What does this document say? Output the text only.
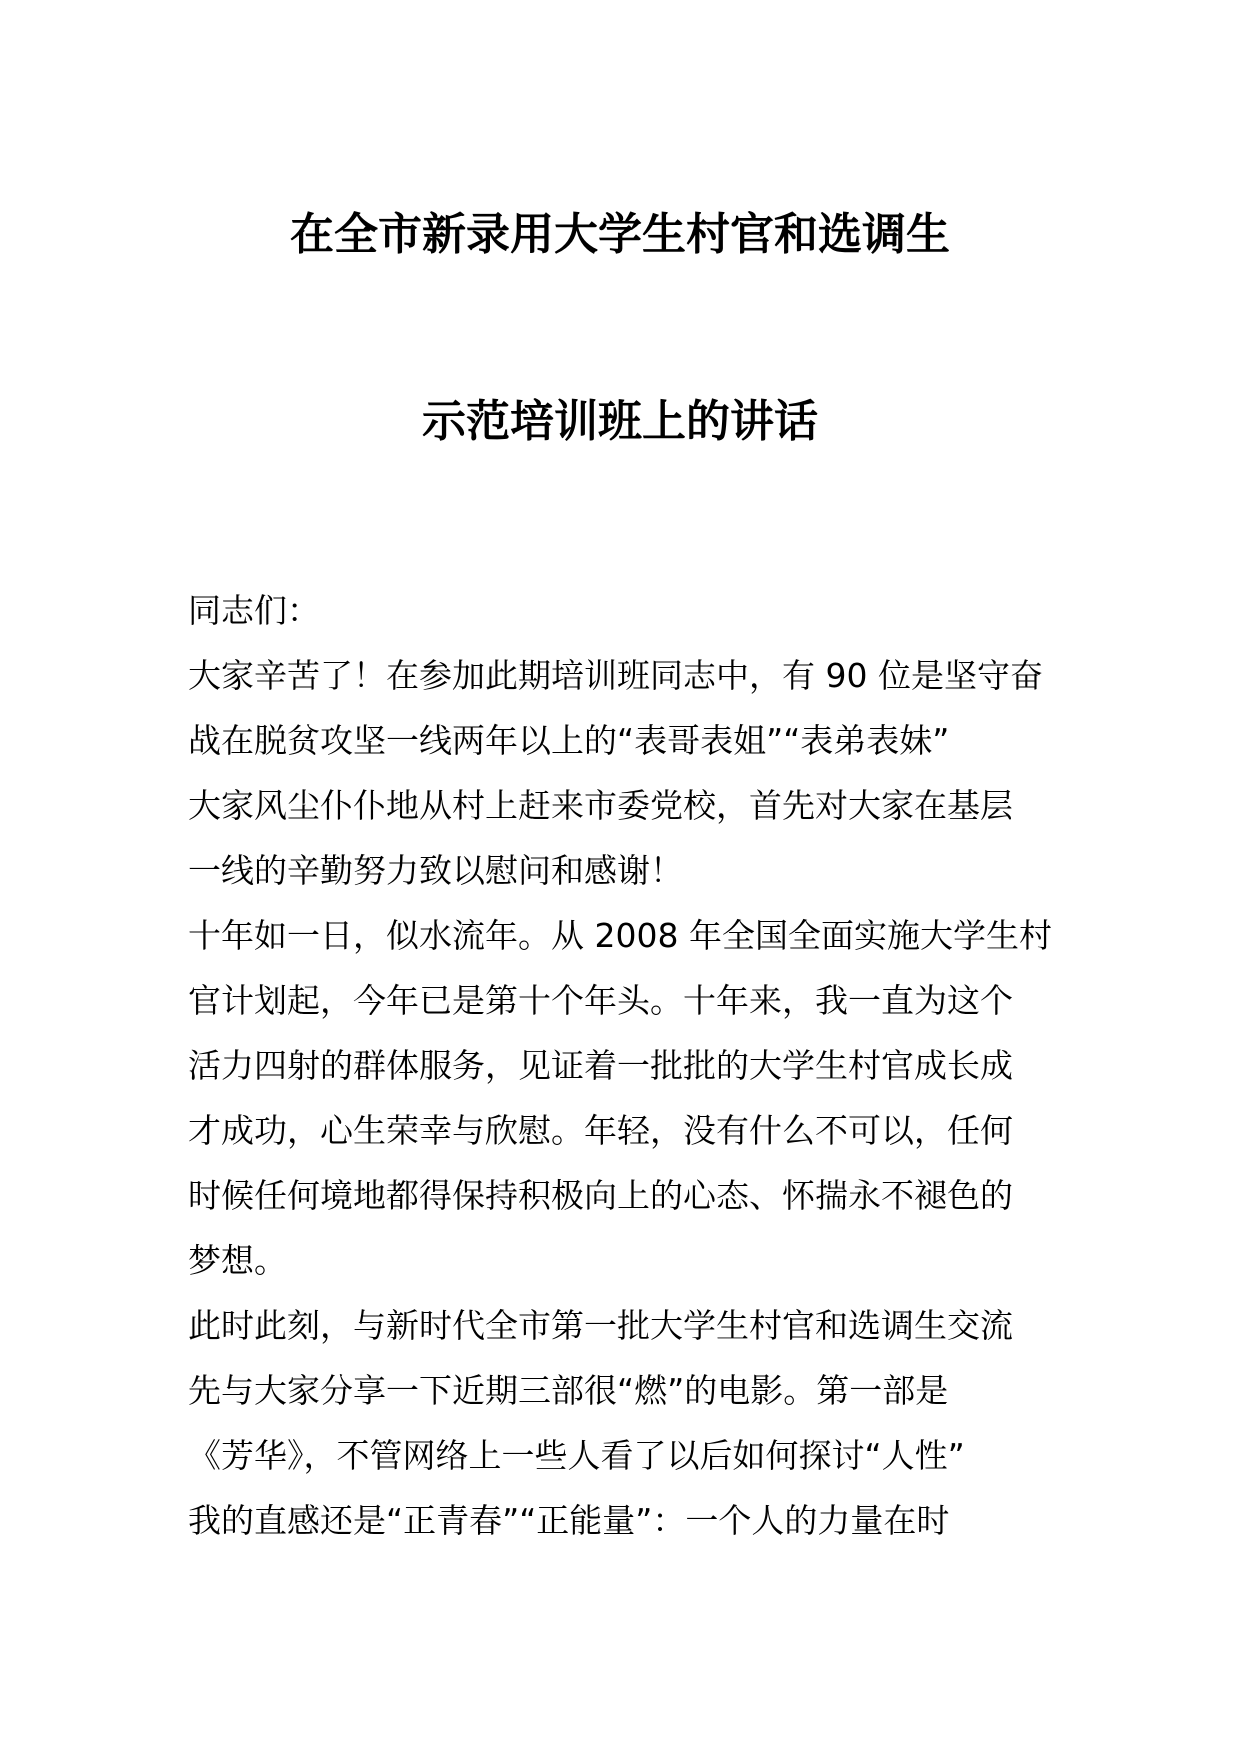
在全市新录用大学生村官和选调生
示范培训班上的讲话
同志们：
大家辛苦了！在参加此期培训班同志中，有 90 位是坚守奋
战在脱贫攻坚一线两年以上的“表哥表姐”“表弟表妹”
大家风尘仆仆地从村上赶来市委党校，首先对大家在基层
一线的辛勤努力致以慰问和感谢！
十年如一日，似水流年。从 2008 年全国全面实施大学生村
官计划起，今年已是第十个年头。十年来，我一直为这个
活力四射的群体服务，见证着一批批的大学生村官成长成
才成功，心生荣幸与欣慰。年轻，没有什么不可以，任何
时候任何境地都得保持积极向上的心态、怀揣永不褪色的
梦想。
此时此刻，与新时代全市第一批大学生村官和选调生交流
先与大家分享一下近期三部很“燃”的电影。第一部是
《芳华》，不管网络上一些人看了以后如何探讨“人性”
我的直感还是“正青春”“正能量”：一个人的力量在时
